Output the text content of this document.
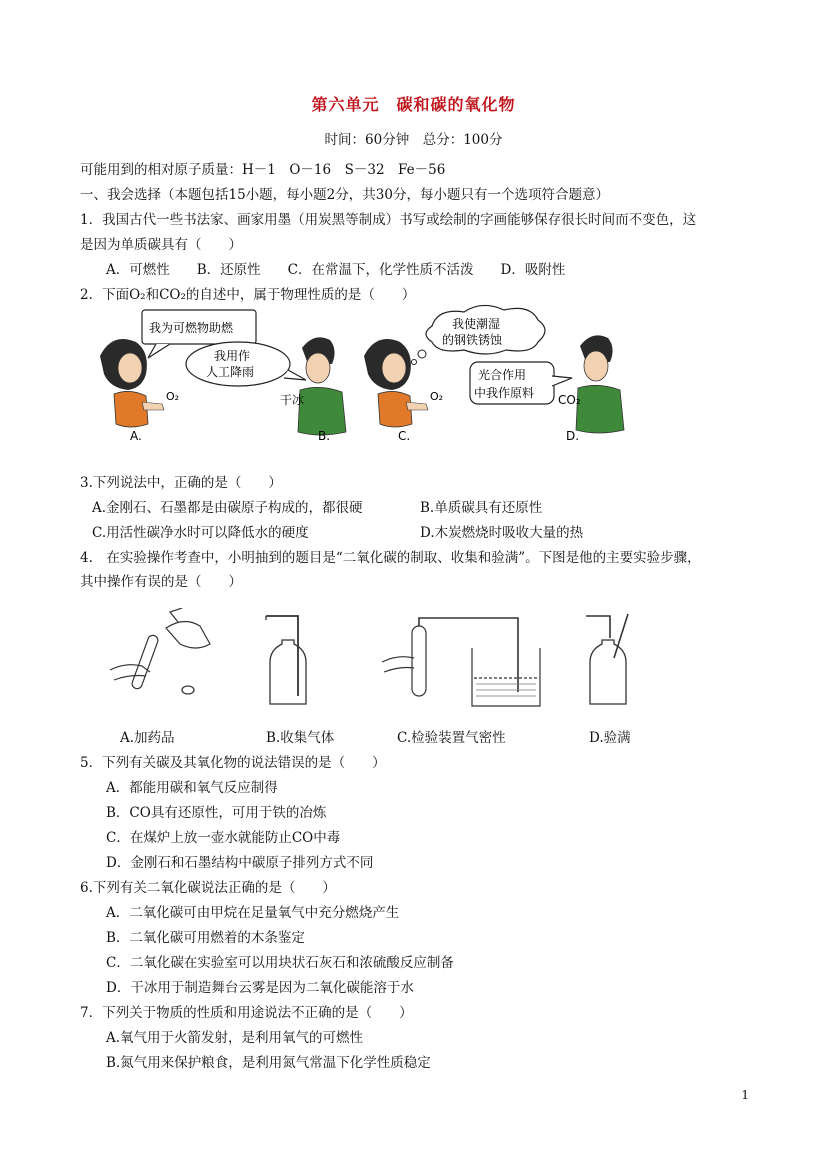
第六单元　碳和碳的氧化物
时间：60分钟　总分：100分
可能用到的相对原子质量：H－1　O－16　S－32　Fe－56
一、我会选择（本题包括15小题，每小题2分，共30分，每小题只有一个选项符合题意）
1．我国古代一些书法家、画家用墨（用炭黑等制成）书写或绘制的字画能够保存很长时间而不变色，这
是因为单质碳具有（　　）
A．可燃性　　B．还原性　　C．在常温下，化学性质不活泼　　D．吸附性
2．下面O₂和CO₂的自述中，属于物理性质的是（　　）
我为可燃物助燃
O₂
A.
我用作
人工降雨
干冰
B.
我使潮湿
的钢铁锈蚀
O₂
C.
光合作用
中我作原料 CO₂
D.
3.下列说法中，正确的是（　　）
A.金刚石、石墨都是由碳原子构成的，都很硬	B.单质碳具有还原性
C.用活性碳净水时可以降低水的硬度	D.木炭燃烧时吸收大量的热
4.　在实验操作考查中，小明抽到的题目是“二氧化碳的制取、收集和验满”。下图是他的主要实验步骤，
其中操作有误的是（　　）
A.加药品	B.收集气体	C.检验装置气密性	D.验满
5．下列有关碳及其氧化物的说法错误的是（　　）
A．都能用碳和氧气反应制得
B．CO具有还原性，可用于铁的冶炼
C．在煤炉上放一壶水就能防止CO中毒
D．金刚石和石墨结构中碳原子排列方式不同
6.下列有关二氧化碳说法正确的是（　　）
A．二氧化碳可由甲烷在足量氧气中充分燃烧产生
B．二氧化碳可用燃着的木条鉴定
C．二氧化碳在实验室可以用块状石灰石和浓硫酸反应制备
D．干冰用于制造舞台云雾是因为二氧化碳能溶于水
7．下列关于物质的性质和用途说法不正确的是（　　）
A.氧气用于火箭发射，是利用氧气的可燃性
B.氮气用来保护粮食，是利用氮气常温下化学性质稳定
1
